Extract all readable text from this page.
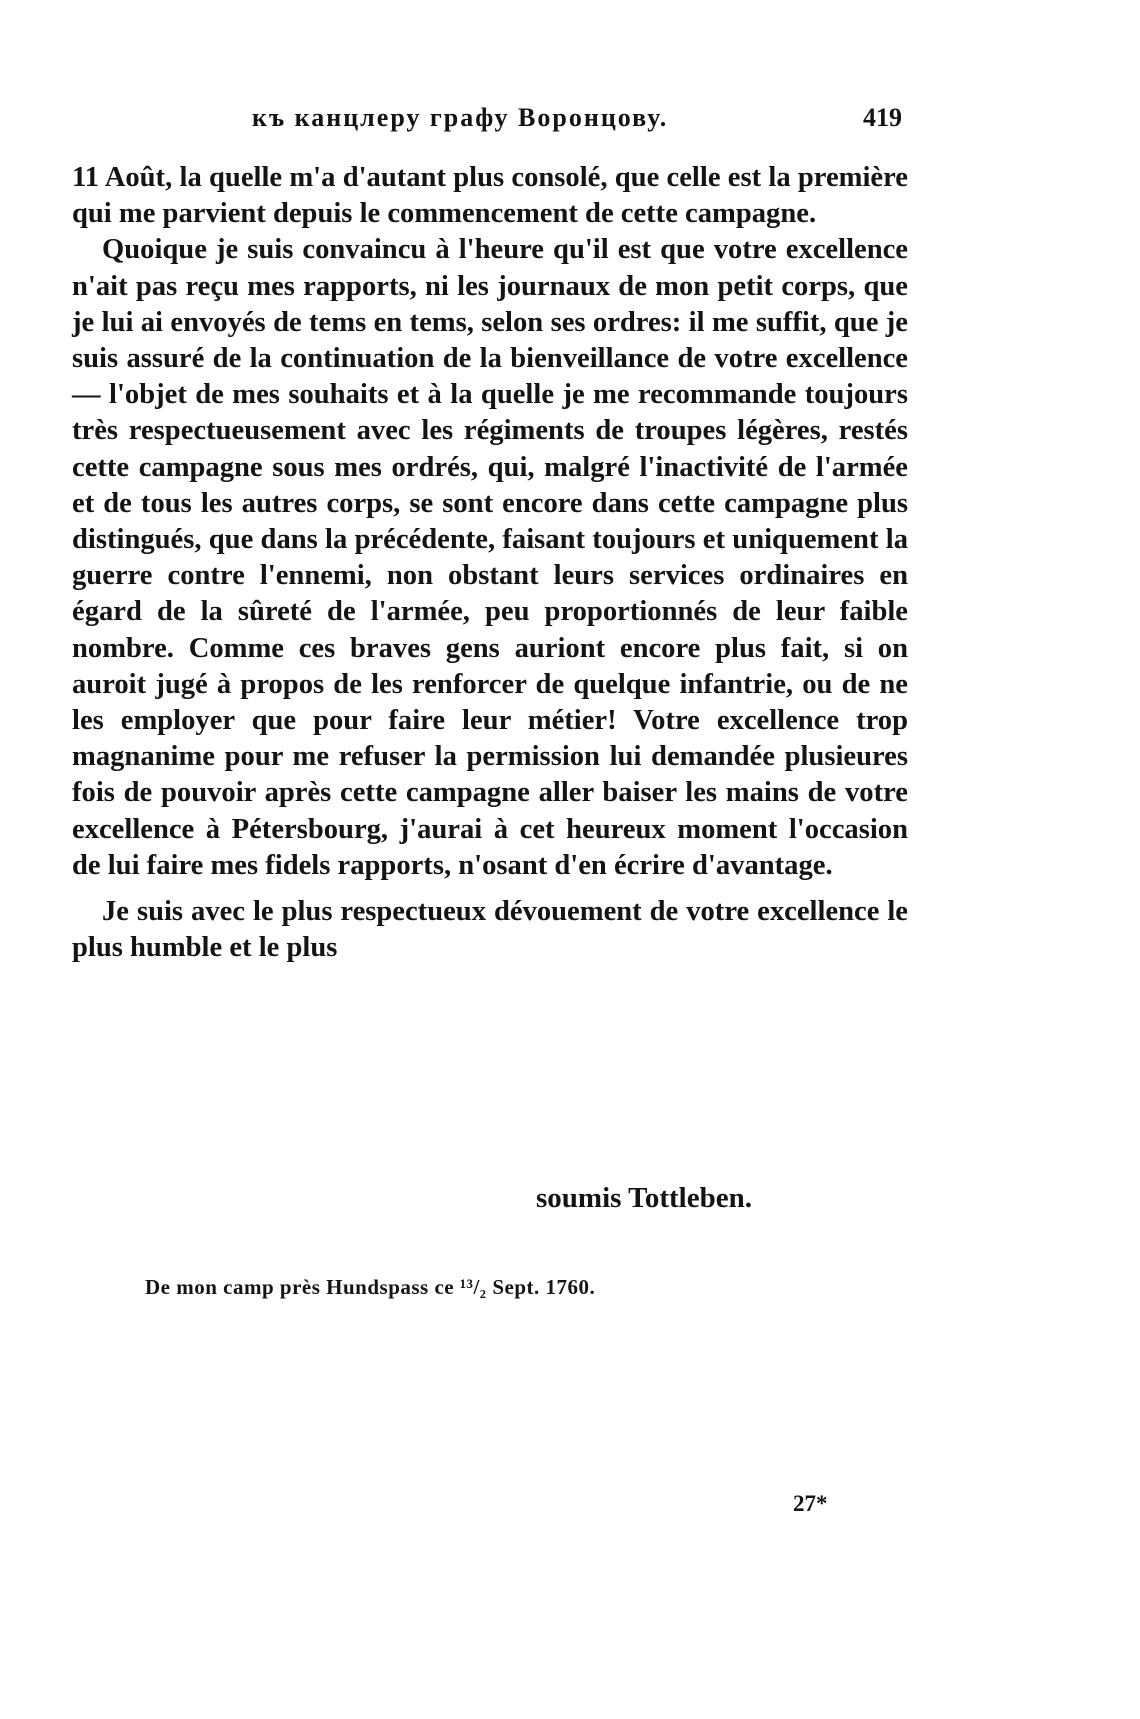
къ канцлеру графу Воронцову.	419

11 Août, la quelle m'a d'autant plus consolé, que celle est la première qui me parvient depuis le commencement de cette campagne.

Quoique je suis convaincu à l'heure qu'il est que votre excellence n'ait pas reçu mes rapports, ni les journaux de mon petit corps, que je lui ai envoyés de tems en tems, selon ses ordres: il me suffit, que je suis assuré de la continuation de la bienveillance de votre excellence — l'objet de mes souhaits et à la quelle je me recommande toujours très respectueusement avec les régiments de troupes légères, restés cette campagne sous mes ordrés, qui, malgré l'inactivité de l'armée et de tous les autres corps, se sont encore dans cette campagne plus distingués, que dans la précédente, faisant toujours et uniquement la guerre contre l'ennemi, non obstant leurs services ordinaires en égard de la sûreté de l'armée, peu proportionnés de leur faible nombre. Comme ces braves gens auriont encore plus fait, si on auroit jugé à propos de les renforcer de quelque infantrie, ou de ne les employer que pour faire leur métier! Votre excellence trop magnanime pour me refuser la permission lui demandée plusieures fois de pouvoir après cette campagne aller baiser les mains de votre excellence à Pétersbourg, j'aurai à cet heureux moment l'occasion de lui faire mes fidels rapports, n'osant d'en écrire d'avantage.

Je suis avec le plus respectueux dévouement de votre excellence le plus humble et le plus

soumis Tottleben.
De mon camp près Hundspass ce ¹³/₂ Sept. 1760.
27*
